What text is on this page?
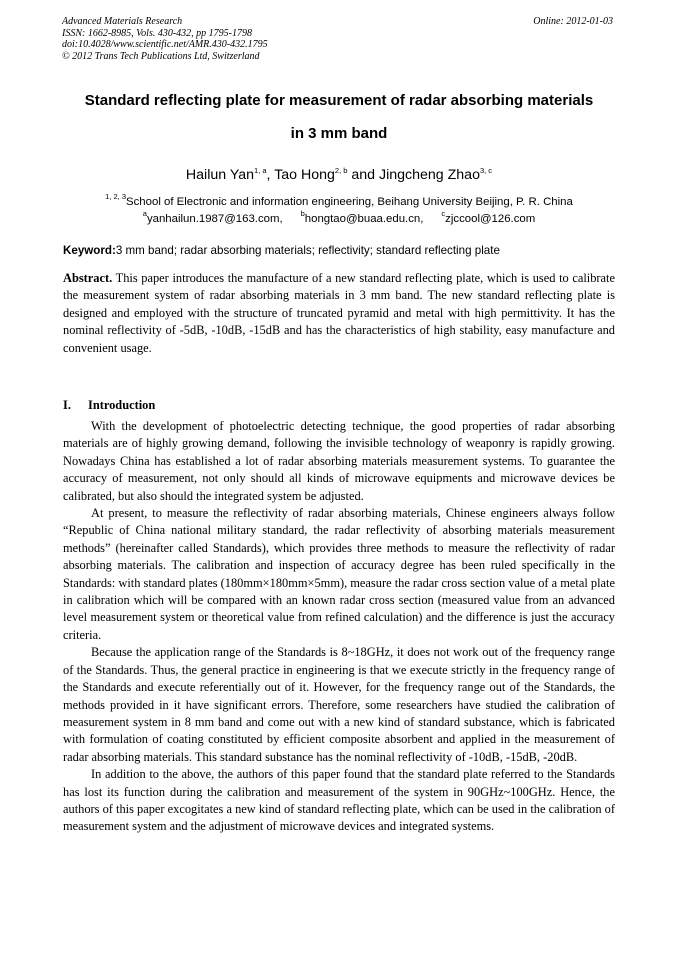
Advanced Materials Research
ISSN: 1662-8985, Vols. 430-432, pp 1795-1798
doi:10.4028/www.scientific.net/AMR.430-432.1795
© 2012 Trans Tech Publications Ltd, Switzerland
Online: 2012-01-03
Standard reflecting plate for measurement of radar absorbing materials
in 3 mm band
Hailun Yan$^{1, a}$, Tao Hong$^{2, b}$ and Jingcheng Zhao$^{3, c}$
$^{1, 2, 3}$School of Electronic and information engineering, Beihang University Beijing, P. R. China
$^a$yanhailun.1987@163.com, $^b$hongtao@buaa.edu.cn, $^c$zjccool@126.com
Keyword:3 mm band; radar absorbing materials; reflectivity; standard reflecting plate
Abstract. This paper introduces the manufacture of a new standard reflecting plate, which is used to calibrate the measurement system of radar absorbing materials in 3 mm band. The new standard reflecting plate is designed and employed with the structure of truncated pyramid and metal with high permittivity. It has the nominal reflectivity of -5dB, -10dB, -15dB and has the characteristics of high stability, easy manufacture and convenient usage.
I. Introduction

With the development of photoelectric detecting technique, the good properties of radar absorbing materials are of highly growing demand, following the invisible technology of weaponry is rapidly growing. Nowadays China has established a lot of radar absorbing materials measurement systems. To guarantee the accuracy of measurement, not only should all kinds of microwave equipments and microwave devices be calibrated, but also should the integrated system be adjusted.

At present, to measure the reflectivity of radar absorbing materials, Chinese engineers always follow “Republic of China national military standard, the radar reflectivity of absorbing materials measurement methods” (hereinafter called Standards), which provides three methods to measure the reflectivity of radar absorbing materials. The calibration and inspection of accuracy degree has been ruled specifically in the Standards: with standard plates (180mm×180mm×5mm), measure the radar cross section value of a metal plate in calibration which will be compared with an known radar cross section (measured value from an advanced level measurement system or theoretical value from refined calculation) and the difference is just the accuracy criteria.

Because the application range of the Standards is 8~18GHz, it does not work out of the frequency range of the Standards. Thus, the general practice in engineering is that we execute strictly in the frequency range of the Standards and execute referentially out of it. However, for the frequency range out of the Standards, the methods provided in it have significant errors. Therefore, some researchers have studied the calibration of measurement system in 8 mm band and come out with a new kind of standard substance, which is fabricated with formulation of coating constituted by efficient composite absorbent and applied in the measurement of radar absorbing materials. This standard substance has the nominal reflectivity of -10dB, -15dB, -20dB.

In addition to the above, the authors of this paper found that the standard plate referred to the Standards has lost its function during the calibration and measurement of the system in 90GHz~100GHz. Hence, the authors of this paper excogitates a new kind of standard reflecting plate, which can be used in the calibration of measurement system and the adjustment of microwave devices and integrated systems.
